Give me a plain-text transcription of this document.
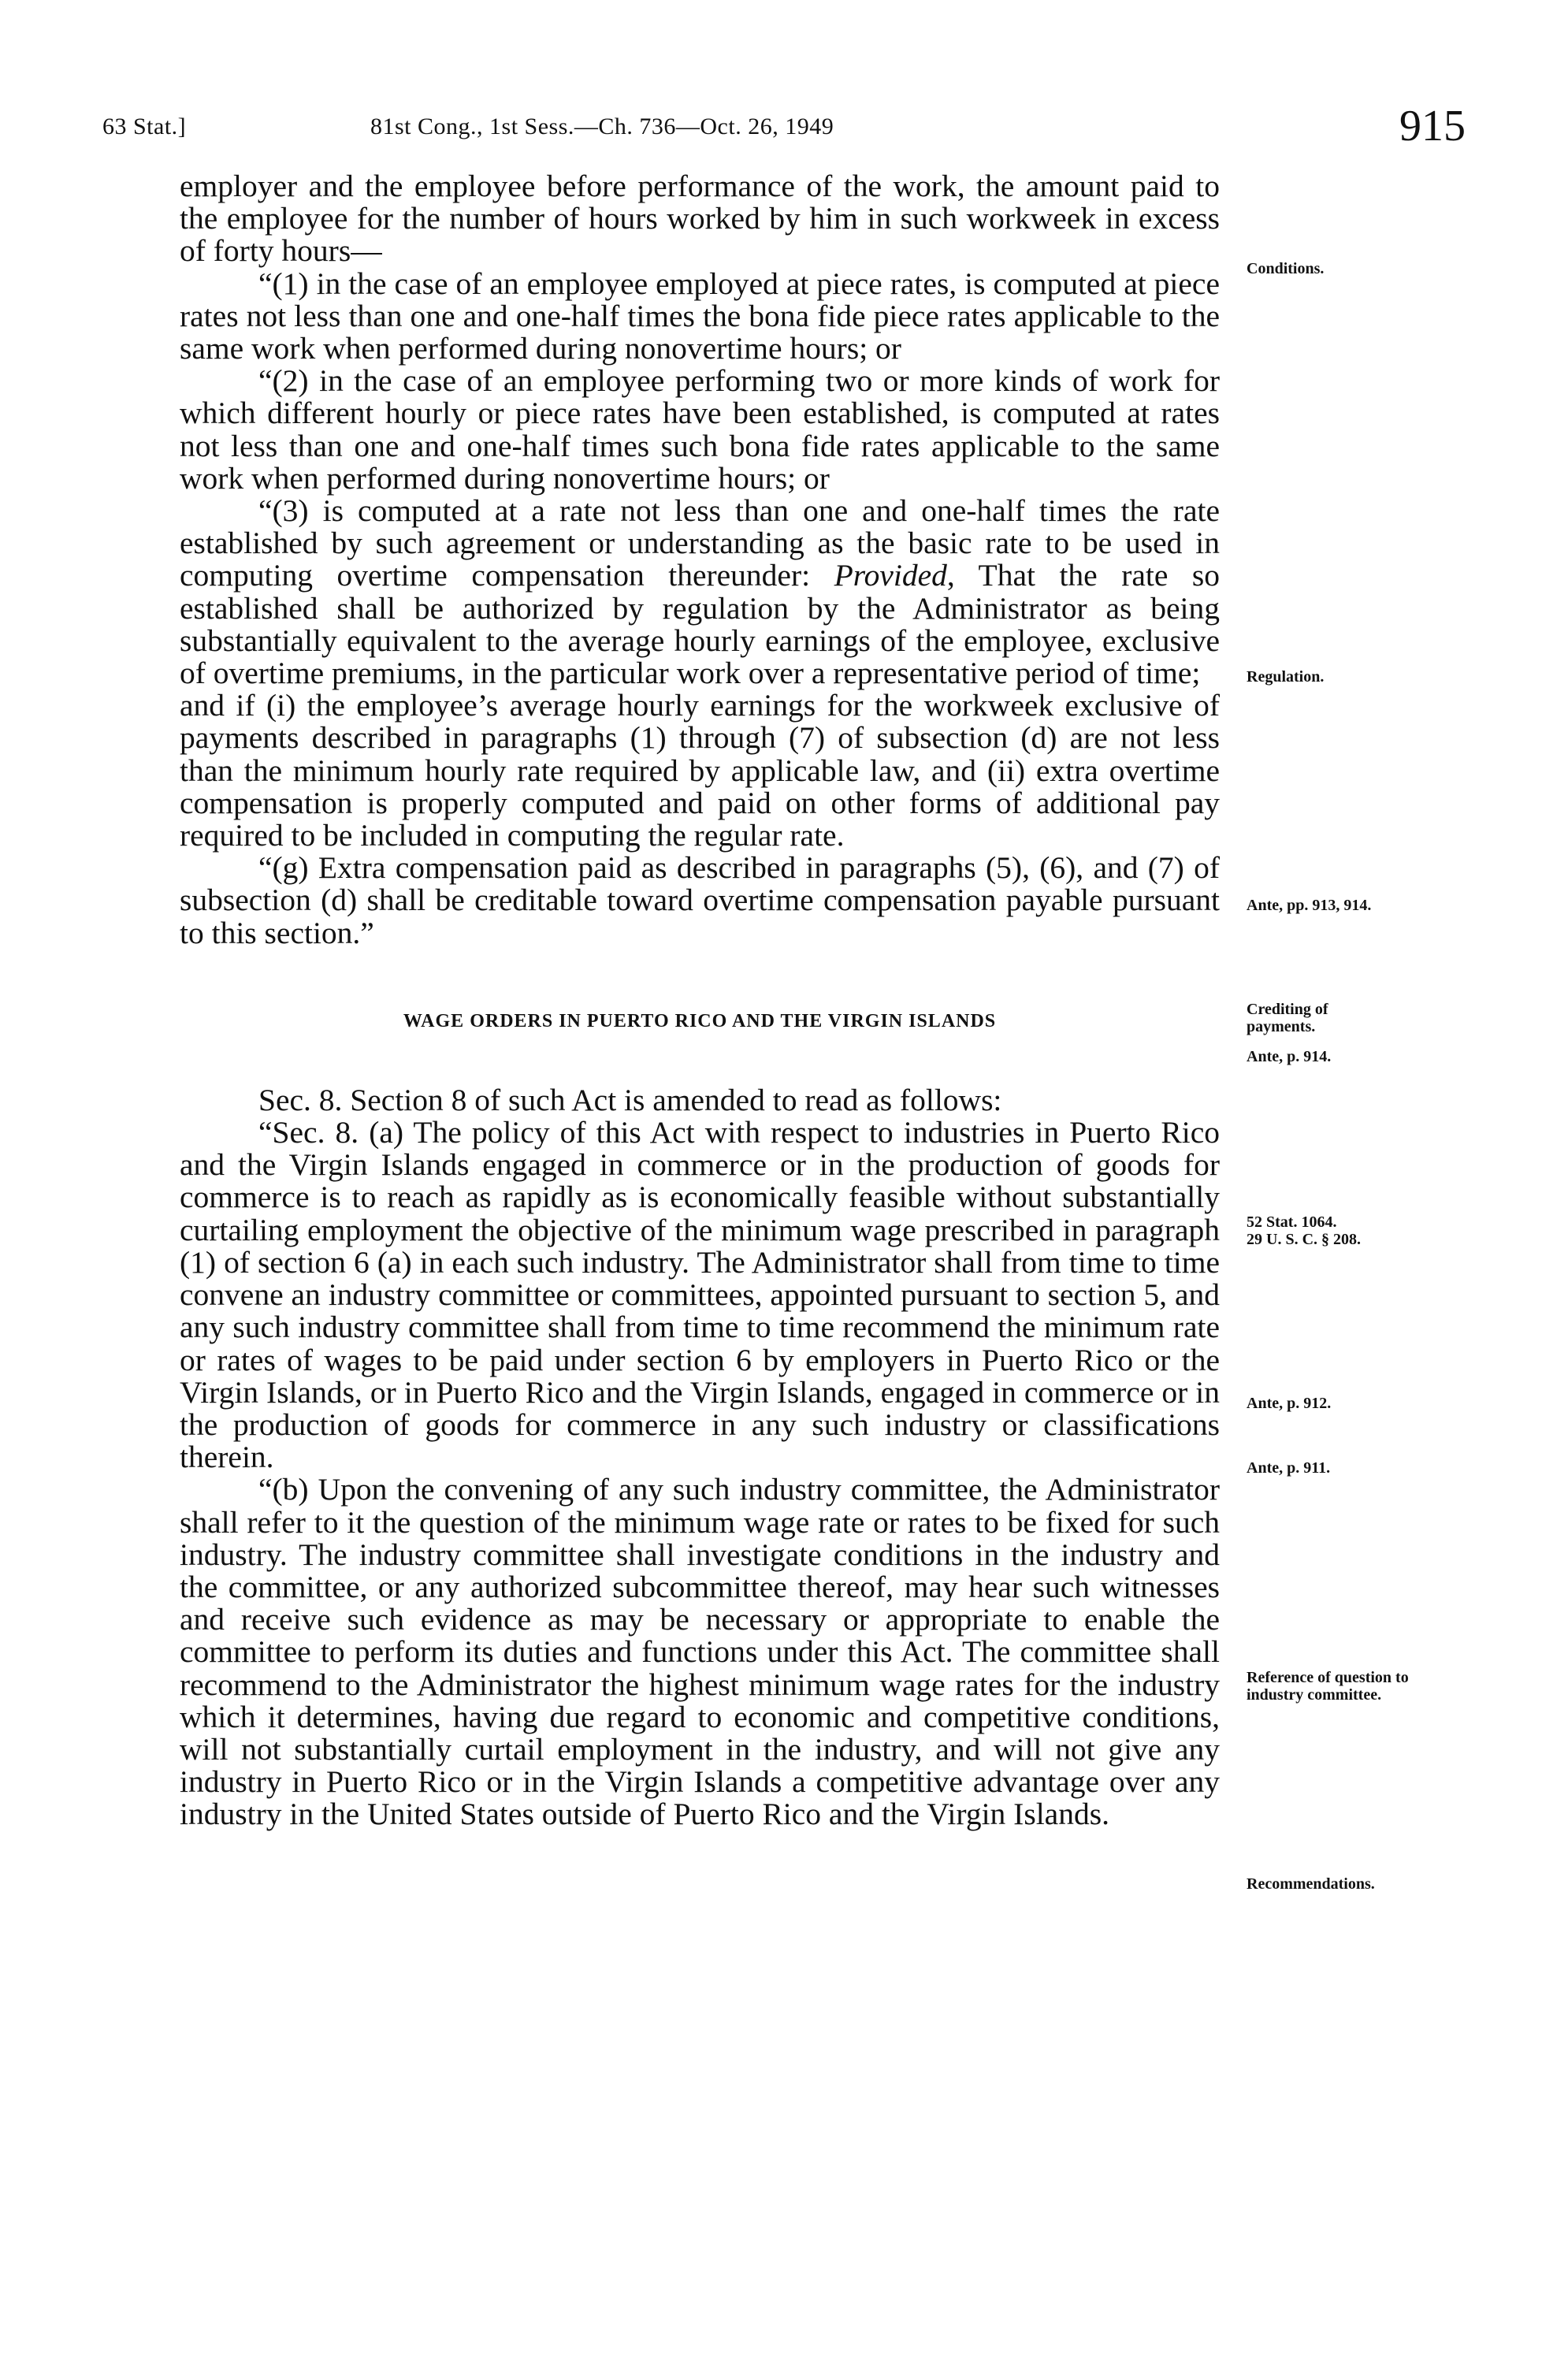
63 Stat.]	81st Cong., 1st Sess.—Ch. 736—Oct. 26, 1949	915

employer and the employee before performance of the work, the amount paid to the employee for the number of hours worked by him in such workweek in excess of forty hours—

“(1) in the case of an employee employed at piece rates, is computed at piece rates not less than one and one-half times the bona fide piece rates applicable to the same work when performed during nonovertime hours; or

“(2) in the case of an employee performing two or more kinds of work for which different hourly or piece rates have been established, is computed at rates not less than one and one-half times such bona fide rates applicable to the same work when performed during nonovertime hours; or

“(3) is computed at a rate not less than one and one-half times the rate established by such agreement or understanding as the basic rate to be used in computing overtime compensation thereunder: Provided, That the rate so established shall be authorized by regulation by the Administrator as being substantially equivalent to the average hourly earnings of the employee, exclusive of overtime premiums, in the particular work over a representative period of time;

and if (i) the employee’s average hourly earnings for the workweek exclusive of payments described in paragraphs (1) through (7) of subsection (d) are not less than the minimum hourly rate required by applicable law, and (ii) extra overtime compensation is properly computed and paid on other forms of additional pay required to be included in computing the regular rate.

“(g) Extra compensation paid as described in paragraphs (5), (6), and (7) of subsection (d) shall be creditable toward overtime compensation payable pursuant to this section.”

WAGE ORDERS IN PUERTO RICO AND THE VIRGIN ISLANDS

Sec. 8. Section 8 of such Act is amended to read as follows:

“Sec. 8. (a) The policy of this Act with respect to industries in Puerto Rico and the Virgin Islands engaged in commerce or in the production of goods for commerce is to reach as rapidly as is economically feasible without substantially curtailing employment the objective of the minimum wage prescribed in paragraph (1) of section 6 (a) in each such industry. The Administrator shall from time to time convene an industry committee or committees, appointed pursuant to section 5, and any such industry committee shall from time to time recommend the minimum rate or rates of wages to be paid under section 6 by employers in Puerto Rico or the Virgin Islands, or in Puerto Rico and the Virgin Islands, engaged in commerce or in the production of goods for commerce in any such industry or classifications therein.

“(b) Upon the convening of any such industry committee, the Administrator shall refer to it the question of the minimum wage rate or rates to be fixed for such industry. The industry committee shall investigate conditions in the industry and the committee, or any authorized subcommittee thereof, may hear such witnesses and receive such evidence as may be necessary or appropriate to enable the committee to perform its duties and functions under this Act. The committee shall recommend to the Administrator the highest minimum wage rates for the industry which it determines, having due regard to economic and competitive conditions, will not substantially curtail employment in the industry, and will not give any industry in Puerto Rico or in the Virgin Islands a competitive advantage over any industry in the United States outside of Puerto Rico and the Virgin Islands.

Conditions.
Regulation.
Ante, pp. 913, 914.
Crediting of payments.
Ante, p. 914.
52 Stat. 1064.
29 U. S. C. § 208.
Ante, p. 912.
Ante, p. 911.
Reference of question to industry committee.
Recommendations.
